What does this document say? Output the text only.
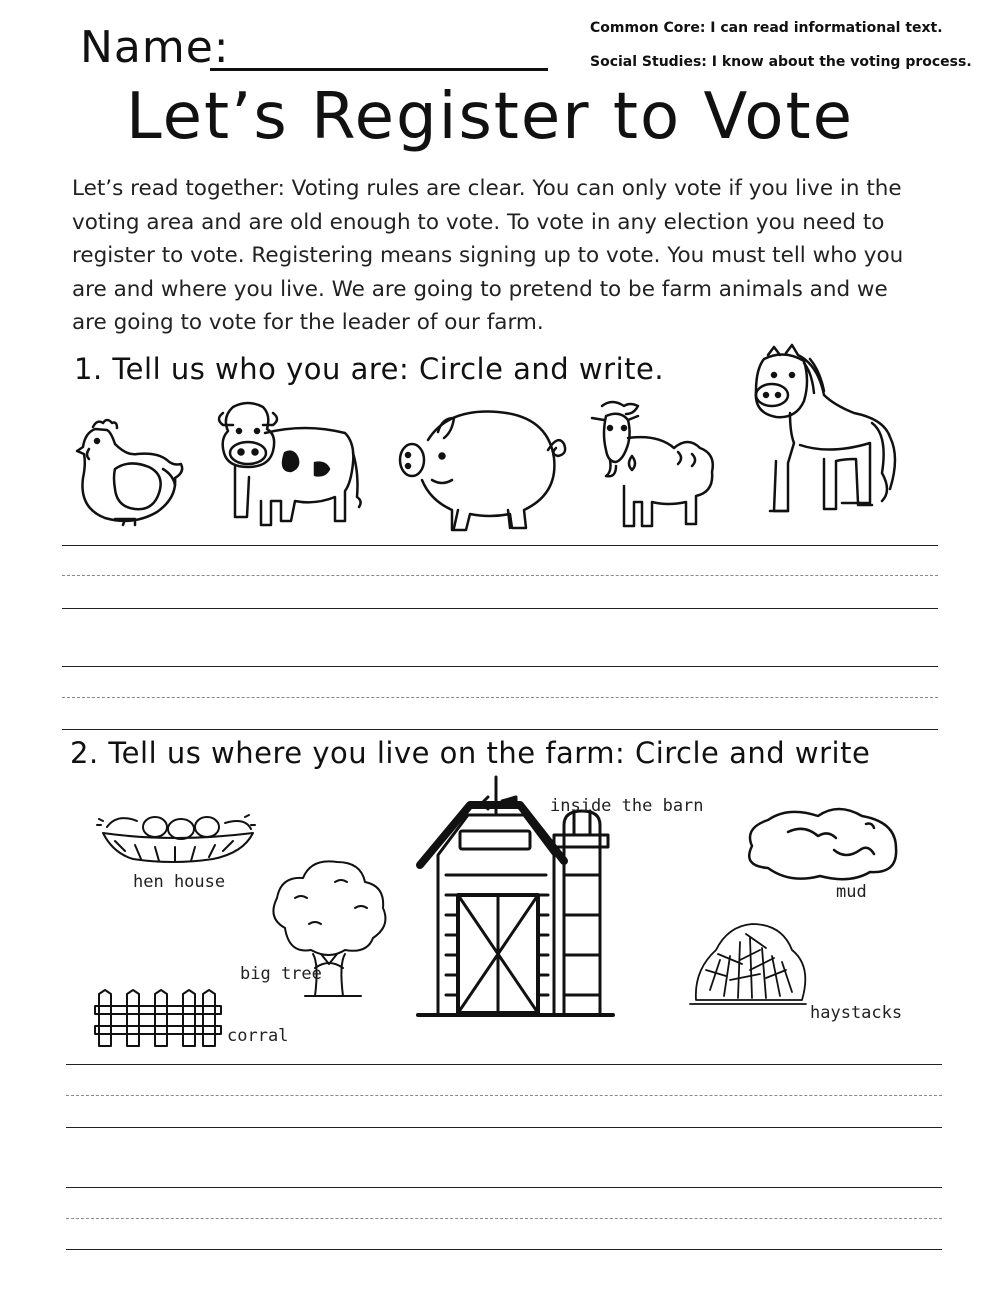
Name:	Common Core: I can read informational text.
Social Studies: I know about the voting process.
Let’s Register to Vote
Let’s read together: Voting rules are clear. You can only vote if you live in the
voting area and are old enough to vote. To vote in any election you need to
register to vote. Registering means signing up to vote. You must tell who you
are and where you live. We are going to pretend to be farm animals and we
are going to vote for the leader of our farm.
1. Tell us who you are: Circle and write.
2. Tell us where you live on the farm: Circle and write
hen house
big tree
corral
inside the barn
mud
haystacks
